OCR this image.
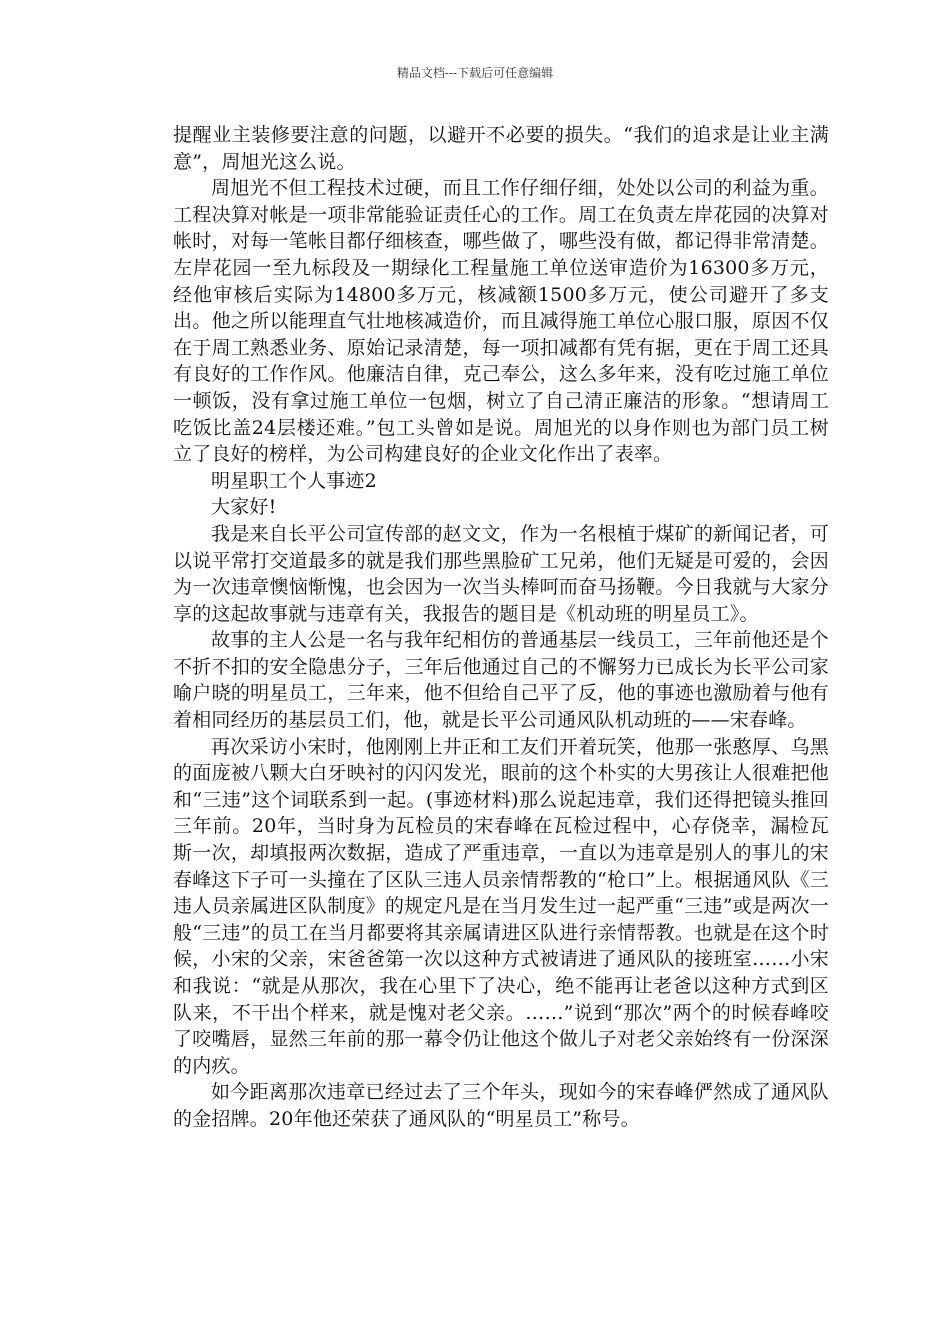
精品文档---下载后可任意编辑

提醒业主装修要注意的问题，以避开不必要的损失。“我们的追求是让业主满意”，周旭光这么说。

周旭光不但工程技术过硬，而且工作仔细仔细，处处以公司的利益为重。工程决算对帐是一项非常能验证责任心的工作。周工在负责左岸花园的决算对帐时，对每一笔帐目都仔细核查，哪些做了，哪些没有做，都记得非常清楚。左岸花园一至九标段及一期绿化工程量施工单位送审造价为16300多万元，经他审核后实际为14800多万元，核减额1500多万元，使公司避开了多支出。他之所以能理直气壮地核减造价，而且减得施工单位心服口服，原因不仅在于周工熟悉业务、原始记录清楚，每一项扣减都有凭有据，更在于周工还具有良好的工作作风。他廉洁自律，克己奉公，这么多年来，没有吃过施工单位一顿饭，没有拿过施工单位一包烟，树立了自己清正廉洁的形象。“想请周工吃饭比盖24层楼还难。”包工头曾如是说。周旭光的以身作则也为部门员工树立了良好的榜样，为公司构建良好的企业文化作出了表率。

明星职工个人事迹2

大家好!

我是来自长平公司宣传部的赵文文，作为一名根植于煤矿的新闻记者，可以说平常打交道最多的就是我们那些黑脸矿工兄弟，他们无疑是可爱的，会因为一次违章懊恼惭愧，也会因为一次当头棒呵而奋马扬鞭。今日我就与大家分享的这起故事就与违章有关，我报告的题目是《机动班的明星员工》。

故事的主人公是一名与我年纪相仿的普通基层一线员工，三年前他还是个不折不扣的安全隐患分子，三年后他通过自己的不懈努力已成长为长平公司家喻户晓的明星员工，三年来，他不但给自己平了反，他的事迹也激励着与他有着相同经历的基层员工们，他，就是长平公司通风队机动班的——宋春峰。

再次采访小宋时，他刚刚上井正和工友们开着玩笑，他那一张憨厚、乌黑的面庞被八颗大白牙映衬的闪闪发光，眼前的这个朴实的大男孩让人很难把他和“三违”这个词联系到一起。(事迹材料)那么说起违章，我们还得把镜头推回三年前。20年，当时身为瓦检员的宋春峰在瓦检过程中，心存侥幸，漏检瓦斯一次，却填报两次数据，造成了严重违章，一直以为违章是别人的事儿的宋春峰这下子可一头撞在了区队三违人员亲情帮教的“枪口”上。根据通风队《三违人员亲属进区队制度》的规定凡是在当月发生过一起严重“三违”或是两次一般“三违”的员工在当月都要将其亲属请进区队进行亲情帮教。也就是在这个时候，小宋的父亲，宋爸爸第一次以这种方式被请进了通风队的接班室……小宋和我说：“就是从那次，我在心里下了决心，绝不能再让老爸以这种方式到区队来，不干出个样来，就是愧对老父亲。……”说到“那次”两个的时候春峰咬了咬嘴唇，显然三年前的那一幕令仍让他这个做儿子对老父亲始终有一份深深的内疚。

如今距离那次违章已经过去了三个年头，现如今的宋春峰俨然成了通风队的金招牌。20年他还荣获了通风队的“明星员工”称号。
